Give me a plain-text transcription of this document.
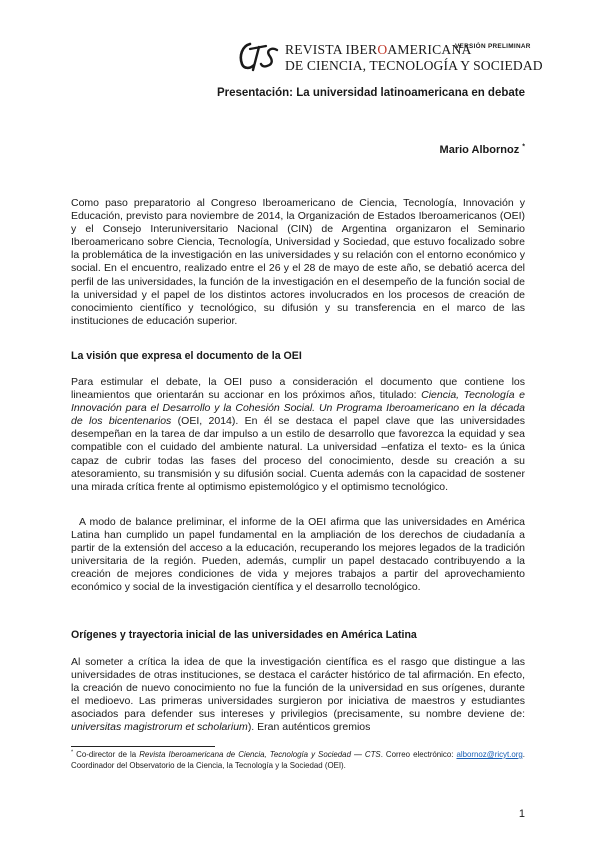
REVISTA IBEROAMERICANA
VERSIÓN PRELIMINAR
DE CIENCIA, TECNOLOGÍA Y SOCIEDAD
Presentación: La universidad latinoamericana en debate
Mario Albornoz *
Como paso preparatorio al Congreso Iberoamericano de Ciencia, Tecnología, Innovación y Educación, previsto para noviembre de 2014, la Organización de Estados Iberoamericanos (OEI) y el Consejo Interuniversitario Nacional (CIN) de Argentina organizaron el Seminario Iberoamericano sobre Ciencia, Tecnología, Universidad y Sociedad, que estuvo focalizado sobre la problemática de la investigación en las universidades y su relación con el entorno económico y social. En el encuentro, realizado entre el 26 y el 28 de mayo de este año, se debatió acerca del perfil de las universidades, la función de la investigación en el desempeño de la función social de la universidad y el papel de los distintos actores involucrados en los procesos de creación de conocimiento científico y tecnológico, su difusión y su transferencia en el marco de las instituciones de educación superior.
La visión que expresa el documento de la OEI
Para estimular el debate, la OEI puso a consideración el documento que contiene los lineamientos que orientarán su accionar en los próximos años, titulado: Ciencia, Tecnología e Innovación para el Desarrollo y la Cohesión Social. Un Programa Iberoamericano en la década de los bicentenarios (OEI, 2014). En él se destaca el papel clave que las universidades desempeñan en la tarea de dar impulso a un estilo de desarrollo que favorezca la equidad y sea compatible con el cuidado del ambiente natural. La universidad –enfatiza el texto- es la única capaz de cubrir todas las fases del proceso del conocimiento, desde su creación a su atesoramiento, su transmisión y su difusión social. Cuenta además con la capacidad de sostener una mirada crítica frente al optimismo epistemológico y el optimismo tecnológico.
A modo de balance preliminar, el informe de la OEI afirma que las universidades en América Latina han cumplido un papel fundamental en la ampliación de los derechos de ciudadanía a partir de la extensión del acceso a la educación, recuperando los mejores legados de la tradición universitaria de la región. Pueden, además, cumplir un papel destacado contribuyendo a la creación de mejores condiciones de vida y mejores trabajos a partir del aprovechamiento económico y social de la investigación científica y el desarrollo tecnológico.
Orígenes y trayectoria inicial de las universidades en América Latina
Al someter a crítica la idea de que la investigación científica es el rasgo que distingue a las universidades de otras instituciones, se destaca el carácter histórico de tal afirmación. En efecto, la creación de nuevo conocimiento no fue la función de la universidad en sus orígenes, durante el medioevo. Las primeras universidades surgieron por iniciativa de maestros y estudiantes asociados para defender sus intereses y privilegios (precisamente, su nombre deviene de: universitas magistrorum et scholarium). Eran auténticos gremios
* Co-director de la Revista Iberoamericana de Ciencia, Tecnología y Sociedad — CTS. Correo electrónico: albornoz@ricyt.org. Coordinador del Observatorio de la Ciencia, la Tecnología y la Sociedad (OEI).
1
